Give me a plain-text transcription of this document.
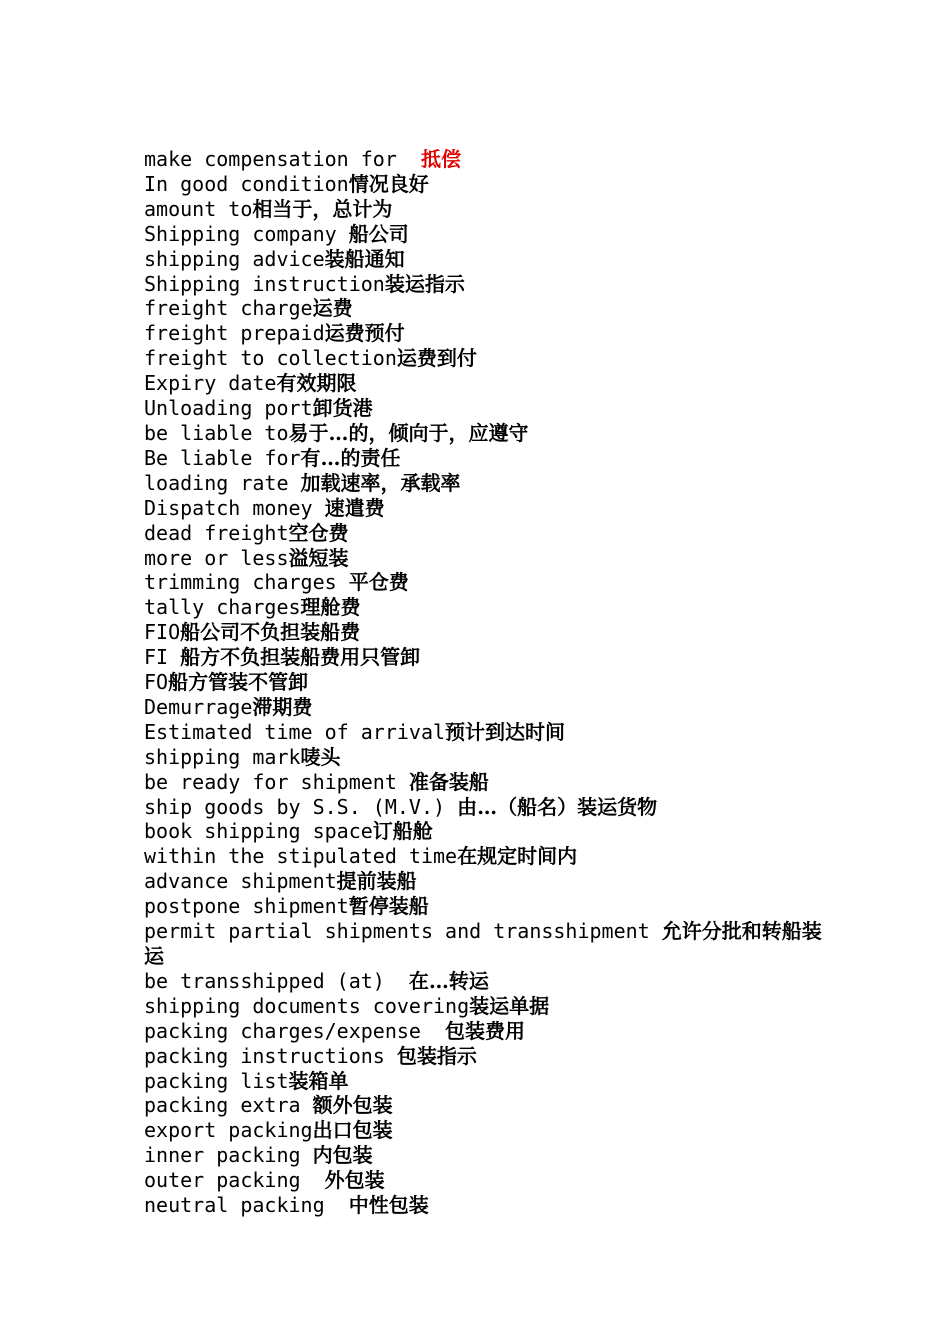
make compensation for  抵偿
In good condition情况良好
amount to相当于，总计为
Shipping company 船公司
shipping advice装船通知
Shipping instruction装运指示
freight charge运费
freight prepaid运费预付
freight to collection运费到付
Expiry date有效期限
Unloading port卸货港
be liable to易于…的，倾向于，应遵守
Be liable for有…的责任
loading rate 加载速率，承载率
Dispatch money 速遣费
dead freight空仓费
more or less溢短装
trimming charges 平仓费
tally charges理舱费
FIO船公司不负担装船费
FI 船方不负担装船费用只管卸
FO船方管装不管卸
Demurrage滞期费
Estimated time of arrival预计到达时间
shipping mark唛头
be ready for shipment 准备装船
ship goods by S.S. (M.V.) 由…（船名）装运货物
book shipping space订船舱
within the stipulated time在规定时间内
advance shipment提前装船
postpone shipment暂停装船
permit partial shipments and transshipment 允许分批和转船装运
be transshipped (at)  在…转运
shipping documents covering装运单据
packing charges/expense  包装费用
packing instructions 包装指示
packing list装箱单
packing extra 额外包装
export packing出口包装
inner packing 内包装
outer packing  外包装
neutral packing  中性包装
